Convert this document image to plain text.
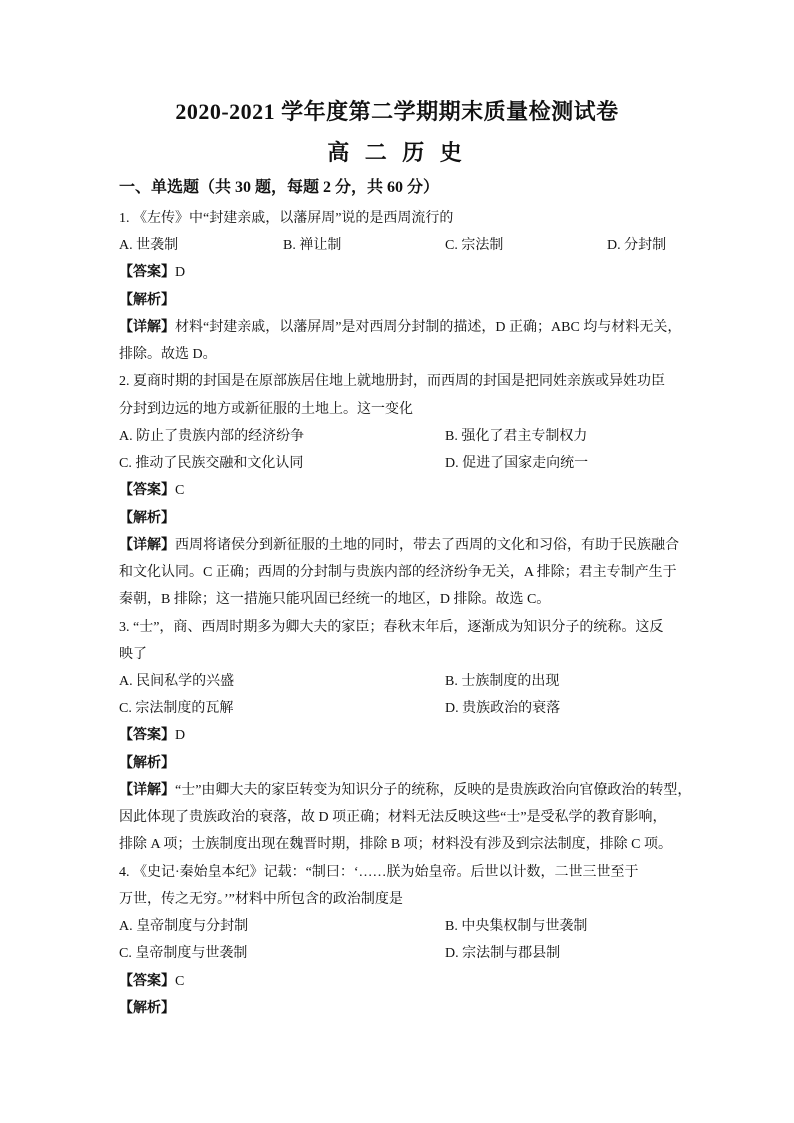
2020-2021 学年度第二学期期末质量检测试卷
高 二 历 史
一、单选题（共 30 题，每题 2 分，共 60 分）
1. 《左传》中“封建亲戚，以藩屏周”说的是西周流行的
A. 世袭制	B. 禅让制	C. 宗法制	D. 分封制
【答案】D
【解析】
【详解】材料“封建亲戚，以藩屏周”是对西周分封制的描述，D 正确；ABC 均与材料无关，
排除。故选 D。
2. 夏商时期的封国是在原部族居住地上就地册封，而西周的封国是把同姓亲族或异姓功臣
分封到边远的地方或新征服的土地上。这一变化
A. 防止了贵族内部的经济纷争	B. 强化了君主专制权力
C. 推动了民族交融和文化认同	D. 促进了国家走向统一
【答案】C
【解析】
【详解】西周将诸侯分到新征服的土地的同时，带去了西周的文化和习俗，有助于民族融合
和文化认同。C 正确；西周的分封制与贵族内部的经济纷争无关，A 排除；君主专制产生于
秦朝，B 排除；这一措施只能巩固已经统一的地区，D 排除。故选 C。
3. “士”，商、西周时期多为卿大夫的家臣；春秋末年后，逐渐成为知识分子的统称。这反
映了
A. 民间私学的兴盛	B. 士族制度的出现
C. 宗法制度的瓦解	D. 贵族政治的衰落
【答案】D
【解析】
【详解】“士”由卿大夫的家臣转变为知识分子的统称，反映的是贵族政治向官僚政治的转型，
因此体现了贵族政治的衰落，故 D 项正确；材料无法反映这些“士”是受私学的教育影响，
排除 A 项；士族制度出现在魏晋时期，排除 B 项；材料没有涉及到宗法制度，排除 C 项。
4. 《史记·秦始皇本纪》记载：“制曰：‘……朕为始皇帝。后世以计数，二世三世至于
万世，传之无穷。’”材料中所包含的政治制度是
A. 皇帝制度与分封制	B. 中央集权制与世袭制
C. 皇帝制度与世袭制	D. 宗法制与郡县制
【答案】C
【解析】
